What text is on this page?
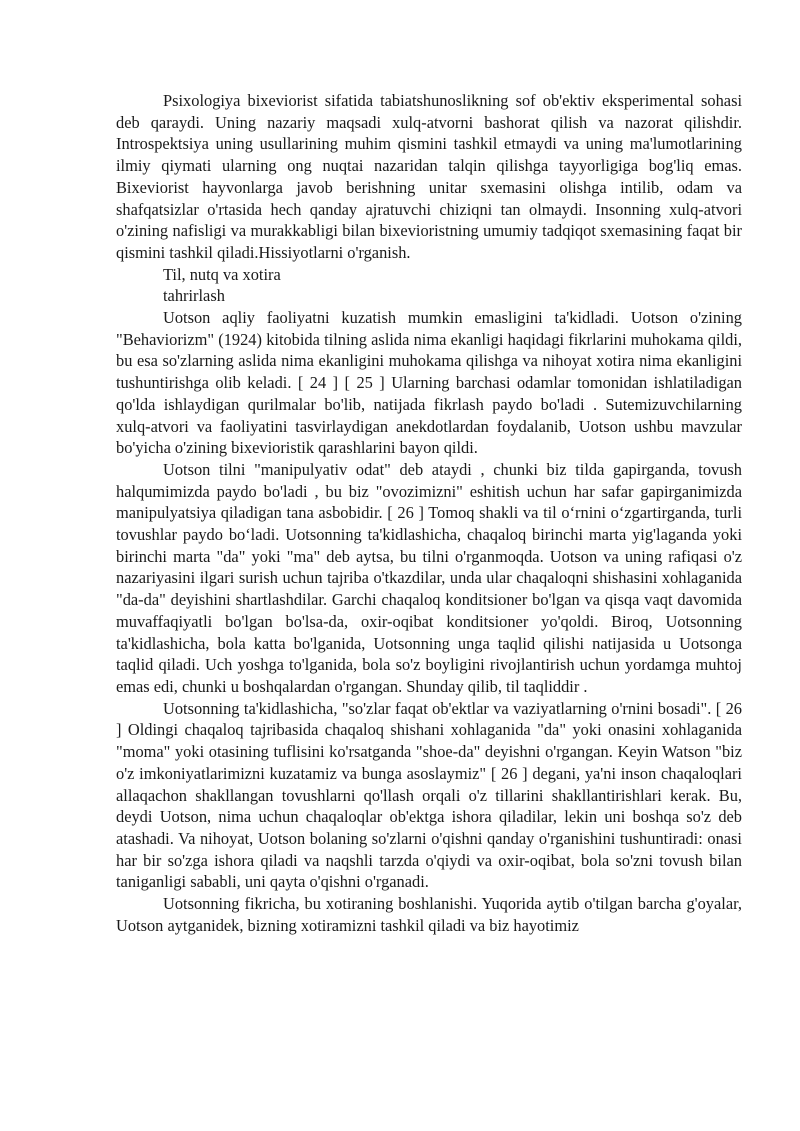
Psixologiya bixeviorist sifatida tabiatshunoslikning sof ob'ektiv eksperimental sohasi deb qaraydi. Uning nazariy maqsadi xulq-atvorni bashorat qilish va nazorat qilishdir. Introspektsiya uning usullarining muhim qismini tashkil etmaydi va uning ma'lumotlarining ilmiy qiymati ularning ong nuqtai nazaridan talqin qilishga tayyorligiga bog'liq emas. Bixeviorist hayvonlarga javob berishning unitar sxemasini olishga intilib, odam va shafqatsizlar o'rtasida hech qanday ajratuvchi chiziqni tan olmaydi. Insonning xulq-atvori o'zining nafisligi va murakkabligi bilan bixevioristning umumiy tadqiqot sxemasining faqat bir qismini tashkil qiladi.Hissiyotlarni o'rganish.

Til, nutq va xotira

tahrirlash

Uotson aqliy faoliyatni kuzatish mumkin emasligini ta'kidladi. Uotson o'zining "Behaviorizm" (1924) kitobida tilning aslida nima ekanligi haqidagi fikrlarini muhokama qildi, bu esa so'zlarning aslida nima ekanligini muhokama qilishga va nihoyat xotira nima ekanligini tushuntirishga olib keladi. [ 24 ] [ 25 ] Ularning barchasi odamlar tomonidan ishlatiladigan qo'lda ishlaydigan qurilmalar bo'lib, natijada fikrlash paydo bo'ladi . Sutemizuvchilarning xulq-atvori va faoliyatini tasvirlaydigan anekdotlardan foydalanib, Uotson ushbu mavzular bo'yicha o'zining bixevioristik qarashlarini bayon qildi.

Uotson tilni "manipulyativ odat" deb ataydi , chunki biz tilda gapirganda, tovush halqumimizda paydo bo'ladi , bu biz "ovozimizni" eshitish uchun har safar gapirganimizda manipulyatsiya qiladigan tana asbobidir. [ 26 ] Tomoq shakli va til o‘rnini o‘zgartirganda, turli tovushlar paydo bo‘ladi. Uotsonning ta'kidlashicha, chaqaloq birinchi marta yig'laganda yoki birinchi marta "da" yoki "ma" deb aytsa, bu tilni o'rganmoqda. Uotson va uning rafiqasi o'z nazariyasini ilgari surish uchun tajriba o'tkazdilar, unda ular chaqaloqni shishasini xohlaganida "da-da" deyishini shartlashdilar. Garchi chaqaloq konditsioner bo'lgan va qisqa vaqt davomida muvaffaqiyatli bo'lgan bo'lsa-da, oxir-oqibat konditsioner yo'qoldi. Biroq, Uotsonning ta'kidlashicha, bola katta bo'lganida, Uotsonning unga taqlid qilishi natijasida u Uotsonga taqlid qiladi. Uch yoshga to'lganida, bola so'z boyligini rivojlantirish uchun yordamga muhtoj emas edi, chunki u boshqalardan o'rgangan. Shunday qilib, til taqliddir .

Uotsonning ta'kidlashicha, "so'zlar faqat ob'ektlar va vaziyatlarning o'rnini bosadi". [ 26 ] Oldingi chaqaloq tajribasida chaqaloq shishani xohlaganida "da" yoki onasini xohlaganida "moma" yoki otasining tuflisini ko'rsatganda "shoe-da" deyishni o'rgangan. Keyin Watson "biz o'z imkoniyatlarimizni kuzatamiz va bunga asoslaymiz" [ 26 ] degani, ya'ni inson chaqaloqlari allaqachon shakllangan tovushlarni qo'llash orqali o'z tillarini shakllantirishlari kerak. Bu, deydi Uotson, nima uchun chaqaloqlar ob'ektga ishora qiladilar, lekin uni boshqa so'z deb atashadi. Va nihoyat, Uotson bolaning so'zlarni o'qishni qanday o'rganishini tushuntiradi: onasi har bir so'zga ishora qiladi va naqshli tarzda o'qiydi va oxir-oqibat, bola so'zni tovush bilan taniganligi sababli, uni qayta o'qishni o'rganadi.

Uotsonning fikricha, bu xotiraning boshlanishi. Yuqorida aytib o'tilgan barcha g'oyalar, Uotson aytganidek, bizning xotiramizni tashkil qiladi va biz hayotimiz
